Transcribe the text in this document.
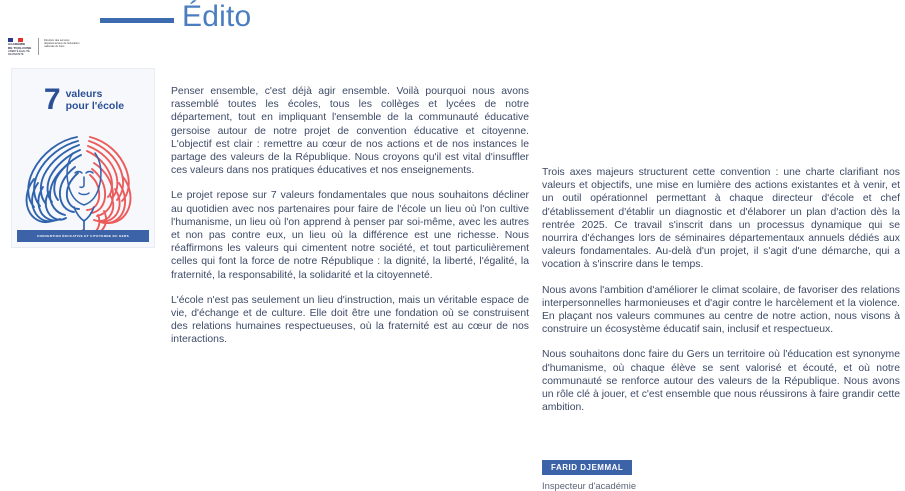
Édito
ACADÉMIE
DE TOULOUSE
LIBERTÉ ÉGALITÉ FRATERNITÉ
Direction des services départementaux de l'éducation nationale du Gers
7 valeurs
pour l'école
CONVENTION ÉDUCATIVE ET CITOYENNE DU GERS

Penser ensemble, c'est déjà agir ensemble. Voilà pourquoi nous avons rassemblé toutes les écoles, tous les collèges et lycées de notre département, tout en impliquant l'ensemble de la communauté éducative gersoise autour de notre projet de convention éducative et citoyenne. L'objectif est clair : remettre au cœur de nos actions et de nos instances le partage des valeurs de la République. Nous croyons qu'il est vital d'insuffler ces valeurs dans nos pratiques éducatives et nos enseignements.

Le projet repose sur 7 valeurs fondamentales que nous souhaitons décliner au quotidien avec nos partenaires pour faire de l'école un lieu où l'on cultive l'humanisme, un lieu où l'on apprend à penser par soi-même, avec les autres et non pas contre eux, un lieu où la différence est une richesse. Nous réaffirmons les valeurs qui cimentent notre société, et tout particulièrement celles qui font la force de notre République : la dignité, la liberté, l'égalité, la fraternité, la responsabilité, la solidarité et la citoyenneté.

L'école n'est pas seulement un lieu d'instruction, mais un véritable espace de vie, d'échange et de culture. Elle doit être une fondation où se construisent des relations humaines respectueuses, où la fraternité est au cœur de nos interactions.

Trois axes majeurs structurent cette convention : une charte clarifiant nos valeurs et objectifs, une mise en lumière des actions existantes et à venir, et un outil opérationnel permettant à chaque directeur d'école et chef d'établissement d'établir un diagnostic et d'élaborer un plan d'action dès la rentrée 2025. Ce travail s'inscrit dans un processus dynamique qui se nourrira d'échanges lors de séminaires départementaux annuels dédiés aux valeurs fondamentales. Au-delà d'un projet, il s'agit d'une démarche, qui a vocation à s'inscrire dans le temps.

Nous avons l'ambition d'améliorer le climat scolaire, de favoriser des relations interpersonnelles harmonieuses et d'agir contre le harcèlement et la violence. En plaçant nos valeurs communes au centre de notre action, nous visons à construire un écosystème éducatif sain, inclusif et respectueux.

Nous souhaitons donc faire du Gers un territoire où l'éducation est synonyme d'humanisme, où chaque élève se sent valorisé et écouté, et où notre communauté se renforce autour des valeurs de la République. Nous avons un rôle clé à jouer, et c'est ensemble que nous réussirons à faire grandir cette ambition.

FARID DJEMMAL
Inspecteur d'académie
